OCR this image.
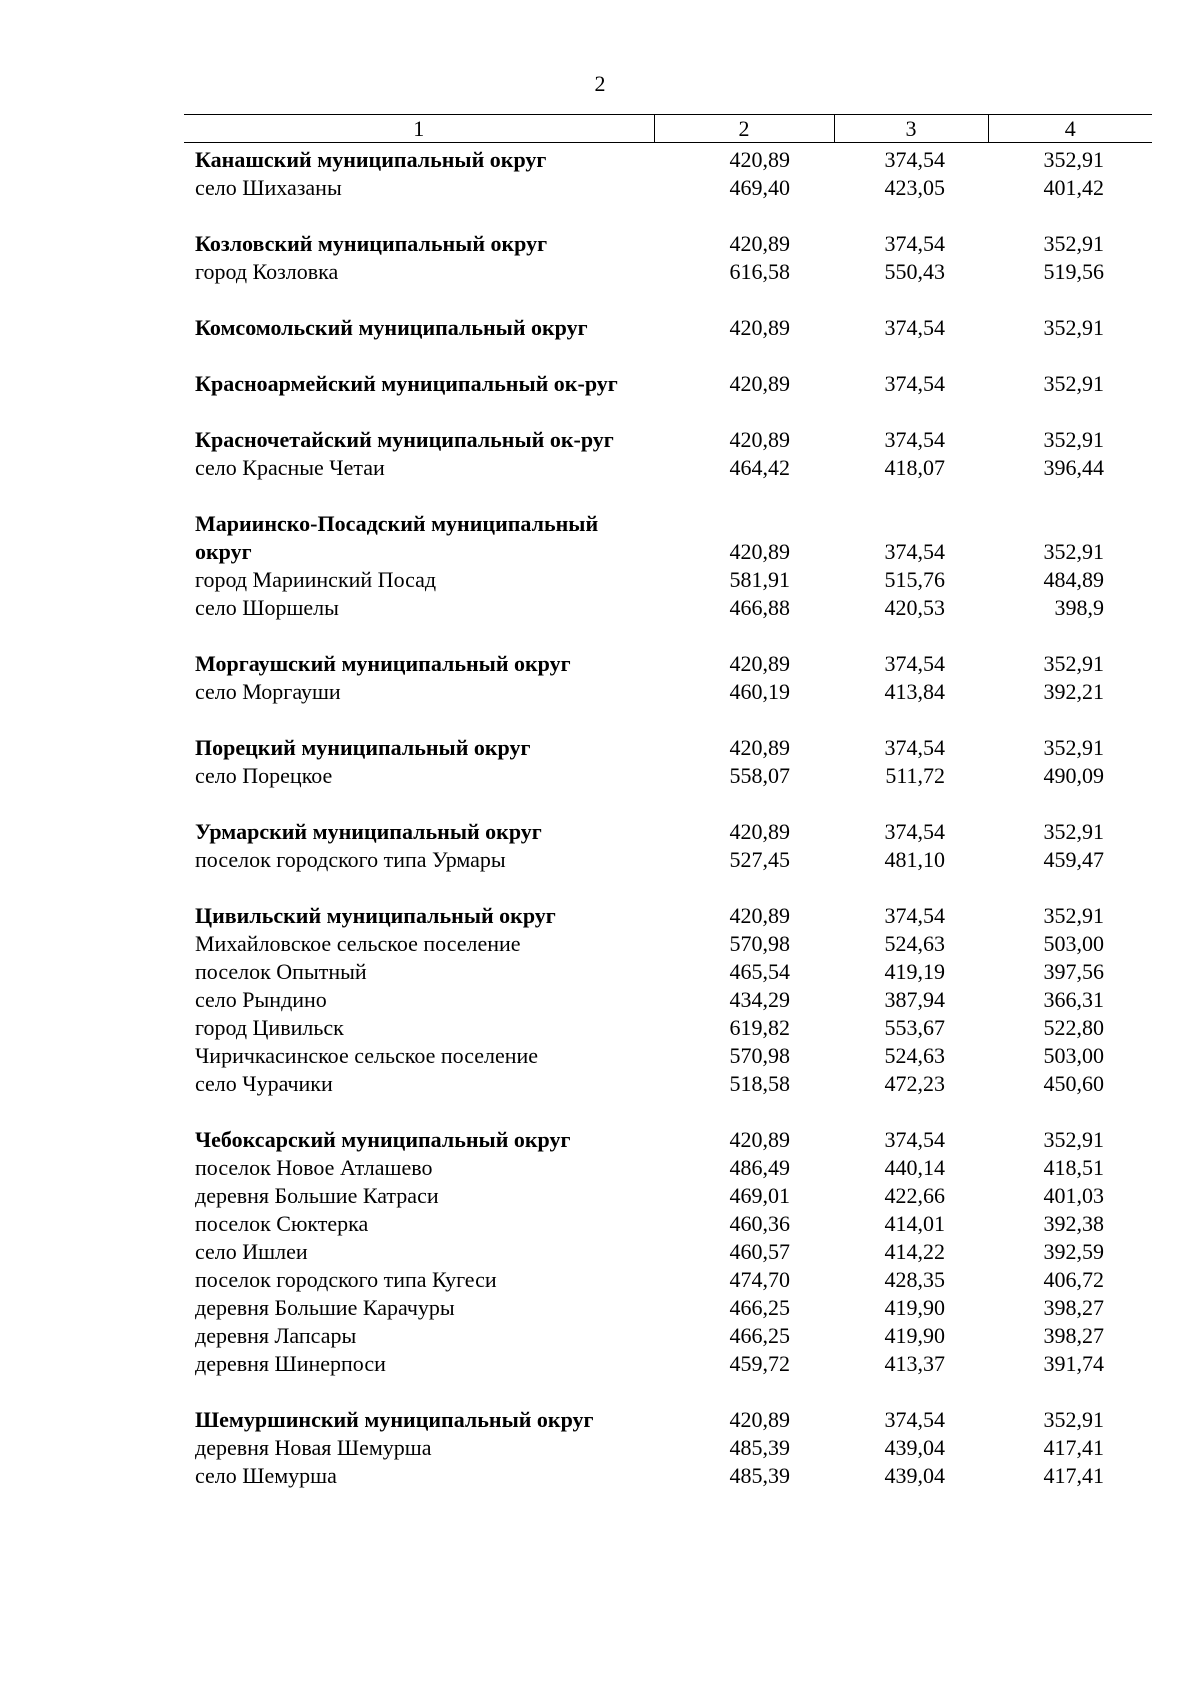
2
1	2	3	4
Канашский муниципальный округ	420,89	374,54	352,91
село Шихазаны	469,40	423,05	401,42

Козловский муниципальный округ	420,89	374,54	352,91
город Козловка	616,58	550,43	519,56

Комсомольский муниципальный округ	420,89	374,54	352,91

Красноармейский муниципальный ок-руг	420,89	374,54	352,91

Красночетайский муниципальный ок-руг	420,89	374,54	352,91
село Красные Четаи	464,42	418,07	396,44

Мариинско-Посадский муниципальный			
округ	420,89	374,54	352,91
город Мариинский Посад	581,91	515,76	484,89
село Шоршелы	466,88	420,53	398,9

Моргаушский муниципальный округ	420,89	374,54	352,91
село Моргауши	460,19	413,84	392,21

Порецкий муниципальный округ	420,89	374,54	352,91
село Порецкое	558,07	511,72	490,09

Урмарский муниципальный округ	420,89	374,54	352,91
поселок городского типа Урмары	527,45	481,10	459,47

Цивильский муниципальный округ	420,89	374,54	352,91
Михайловское сельское поселение	570,98	524,63	503,00
поселок Опытный	465,54	419,19	397,56
село Рындино	434,29	387,94	366,31
город Цивильск	619,82	553,67	522,80
Чиричкасинское сельское поселение	570,98	524,63	503,00
село Чурачики	518,58	472,23	450,60

Чебоксарский муниципальный округ	420,89	374,54	352,91
поселок Новое Атлашево	486,49	440,14	418,51
деревня Большие Катраси	469,01	422,66	401,03
поселок Сюктерка	460,36	414,01	392,38
село Ишлеи	460,57	414,22	392,59
поселок городского типа Кугеси	474,70	428,35	406,72
деревня Большие Карачуры	466,25	419,90	398,27
деревня Лапсары	466,25	419,90	398,27
деревня Шинерпоси	459,72	413,37	391,74

Шемуршинский муниципальный округ	420,89	374,54	352,91
деревня Новая Шемурша	485,39	439,04	417,41
село Шемурша	485,39	439,04	417,41
